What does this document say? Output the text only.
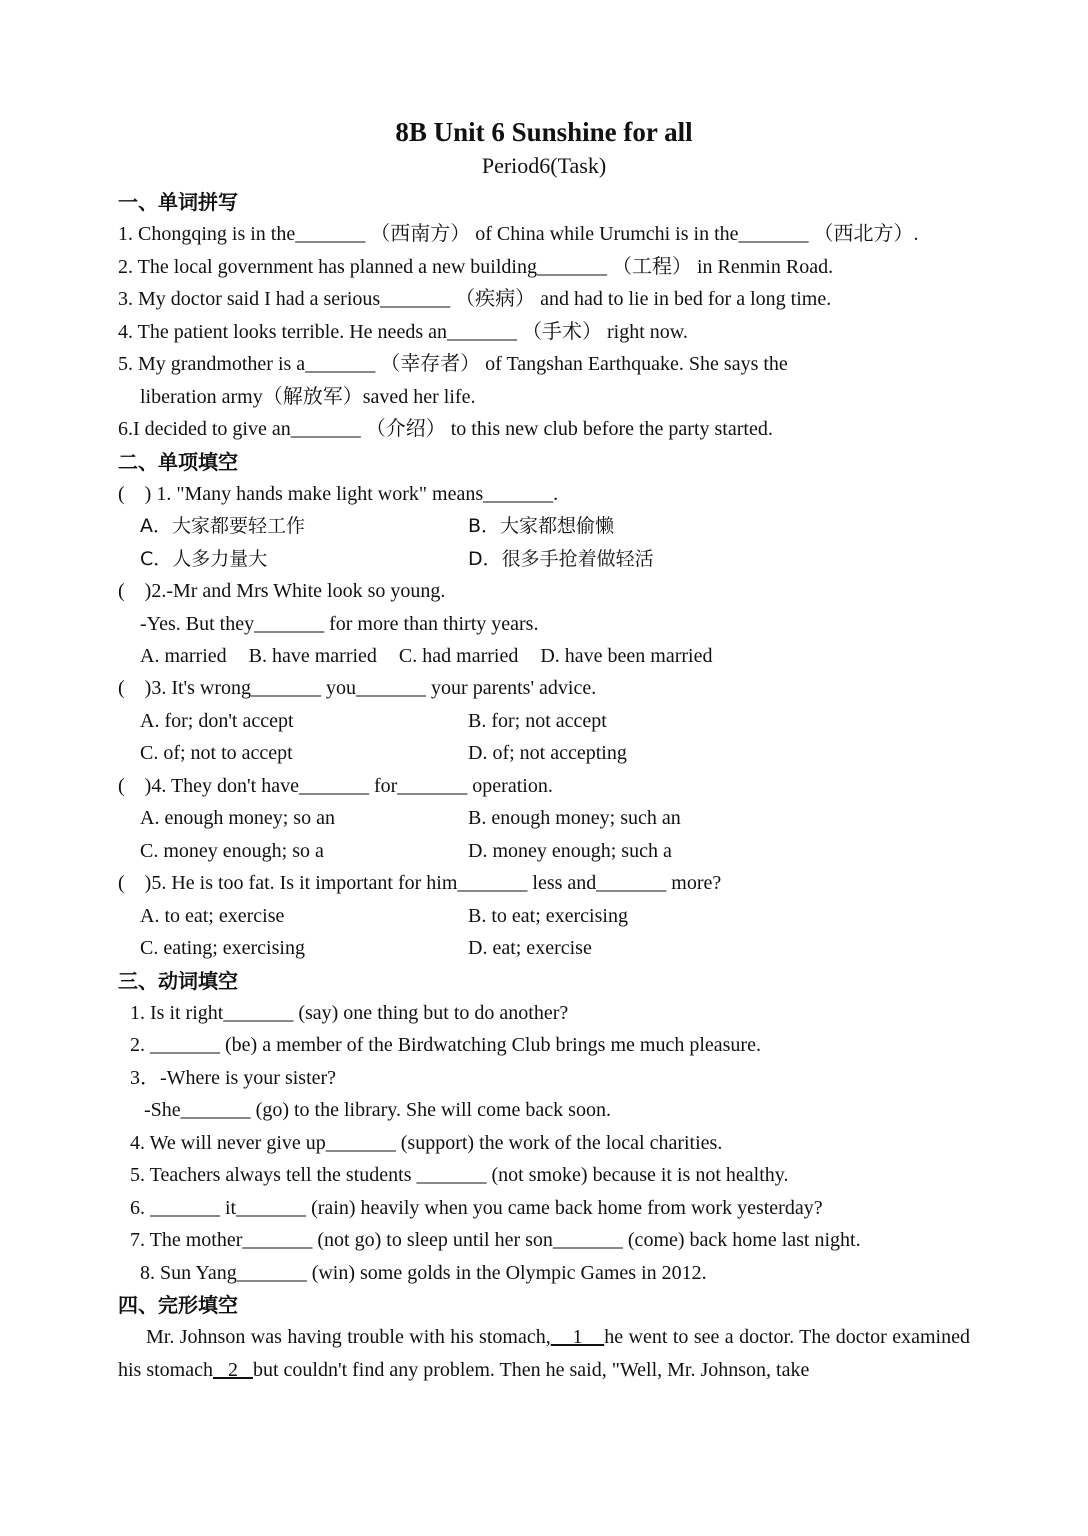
8B Unit 6 Sunshine for all
Period6(Task)
一、单词拼写
1. Chongqing is in the_______ （西南方） of China while Urumchi is in the_______ （西北方）.
2. The local government has planned a new building_______ （工程） in Renmin Road.
3. My doctor said I had a serious_______ （疾病） and had to lie in bed for a long time.
4. The patient looks terrible. He needs an_______ （手术） right now.
5. My grandmother is a_______ （幸存者） of Tangshan Earthquake. She says the
liberation army（解放军）saved her life.
6.I decided to give an_______ （介绍） to this new club before the party started.
二、单项填空
(    ) 1. "Many hands make light work" means_______.
A．大家都要轻工作	B．大家都想偷懒
C．人多力量大	D．很多手抢着做轻活
(    )2.-Mr and Mrs White look so young.
-Yes. But they_______ for more than thirty years.
A. married B. have married C. had married D. have been married
(    )3. It's wrong_______ you_______ your parents' advice.
A. for; don't accept	B. for; not accept
C. of; not to accept	D. of; not accepting
(    )4. They don't have_______ for_______ operation.
A. enough money; so an	B. enough money; such an
C. money enough; so a	D. money enough; such a
(    )5. He is too fat. Is it important for him_______ less and_______ more?
A. to eat; exercise	B. to eat; exercising
C. eating; exercising	D. eat; exercise
三、动词填空
1. Is it right_______ (say) one thing but to do another?
2. _______ (be) a member of the Birdwatching Club brings me much pleasure.
3．-Where is your sister?
-She_______ (go) to the library. She will come back soon.
4. We will never give up_______ (support) the work of the local charities.
5. Teachers always tell the students _______ (not smoke) because it is not healthy.
6. _______ it_______ (rain) heavily when you came back home from work yesterday?
7. The mother_______ (not go) to sleep until her son_______ (come) back home last night.
8. Sun Yang_______ (win) some golds in the Olympic Games in 2012.
四、完形填空
Mr. Johnson was having trouble with his stomach,    1    he went to see a doctor. The doctor examined his stomach   2   but couldn't find any problem. Then he said, "Well, Mr. Johnson, take
